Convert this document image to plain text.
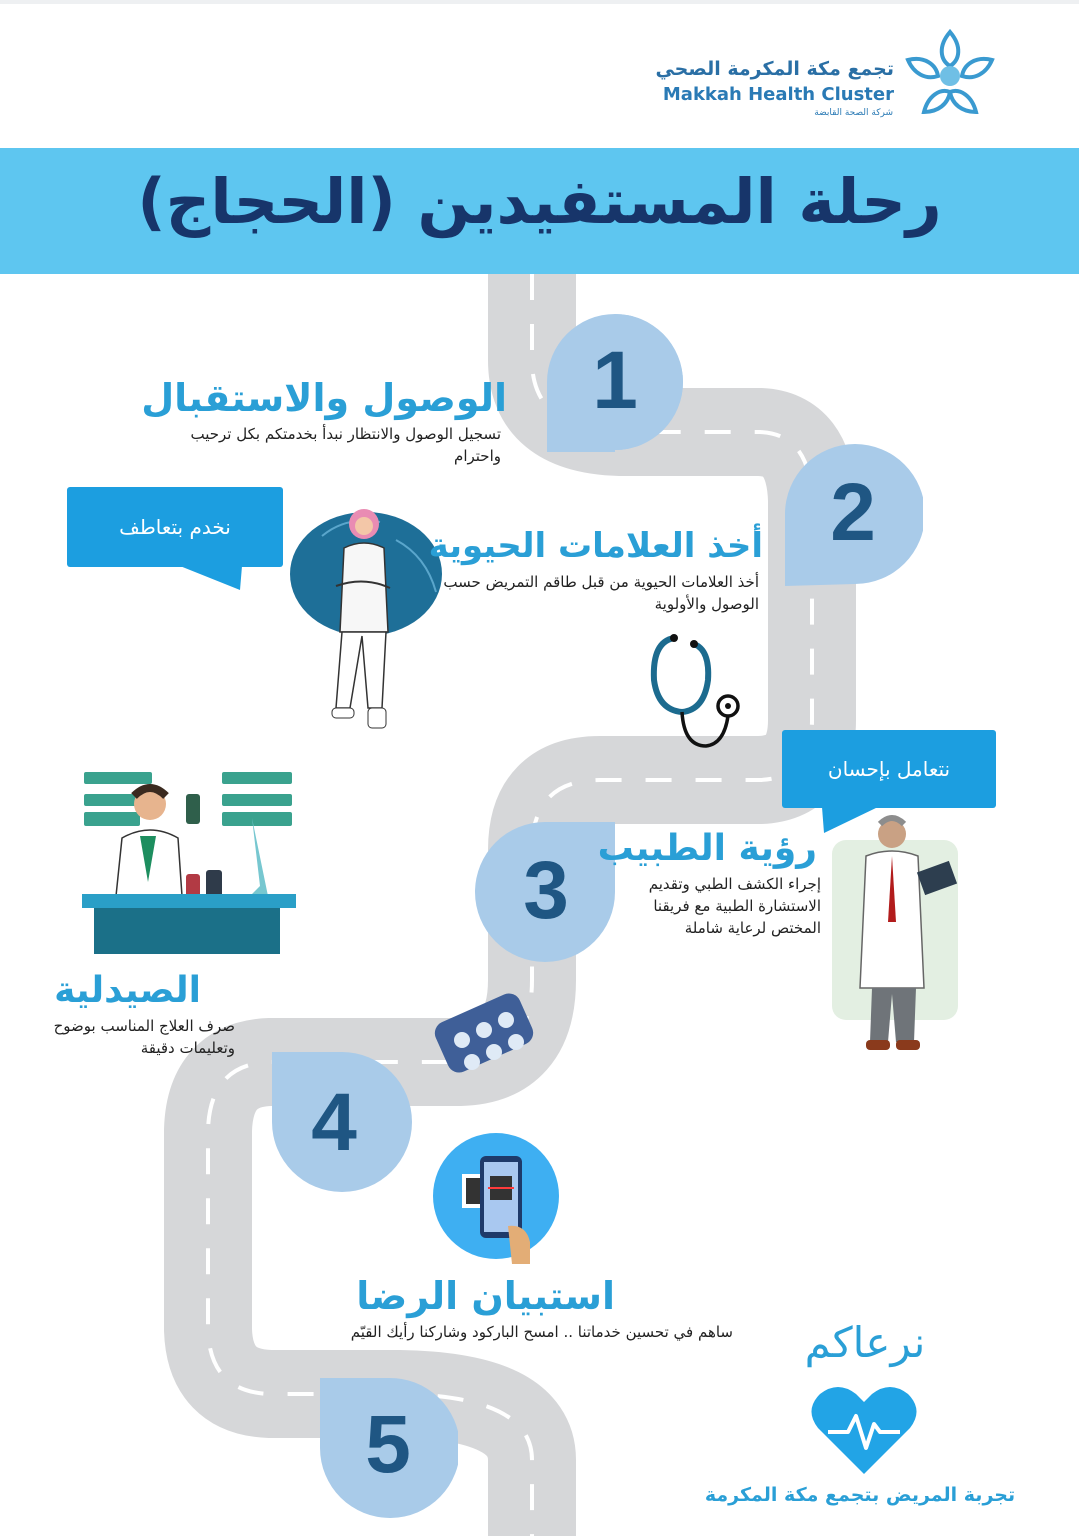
تجمع مكة المكرمة الصحي
Makkah Health Cluster
شركة الصحة القابضة
رحلة المستفيدين (الحجاج)
1
2
3
4
5
الوصول والاستقبال
تسجيل الوصول والانتظار نبدأ بخدمتكم بكل ترحيب واحترام
نخدم بتعاطف	أخذ العلامات الحيوية
أخذ العلامات الحيوية من قبل طاقم التمريض حسب الوصول والأولوية
نتعامل بإحسان
رؤية الطبيب
إجراء الكشف الطبي وتقديم الاستشارة الطبية مع فريقنا المختص لرعاية شاملة
الصيدلية
صرف العلاج المناسب بوضوح وتعليمات دقيقة
استبيان الرضا
ساهم في تحسين خدماتنا .. امسح الباركود وشاركنا رأيك القيّم	نرعاكم
تجربة المريض بتجمع مكة المكرمة
